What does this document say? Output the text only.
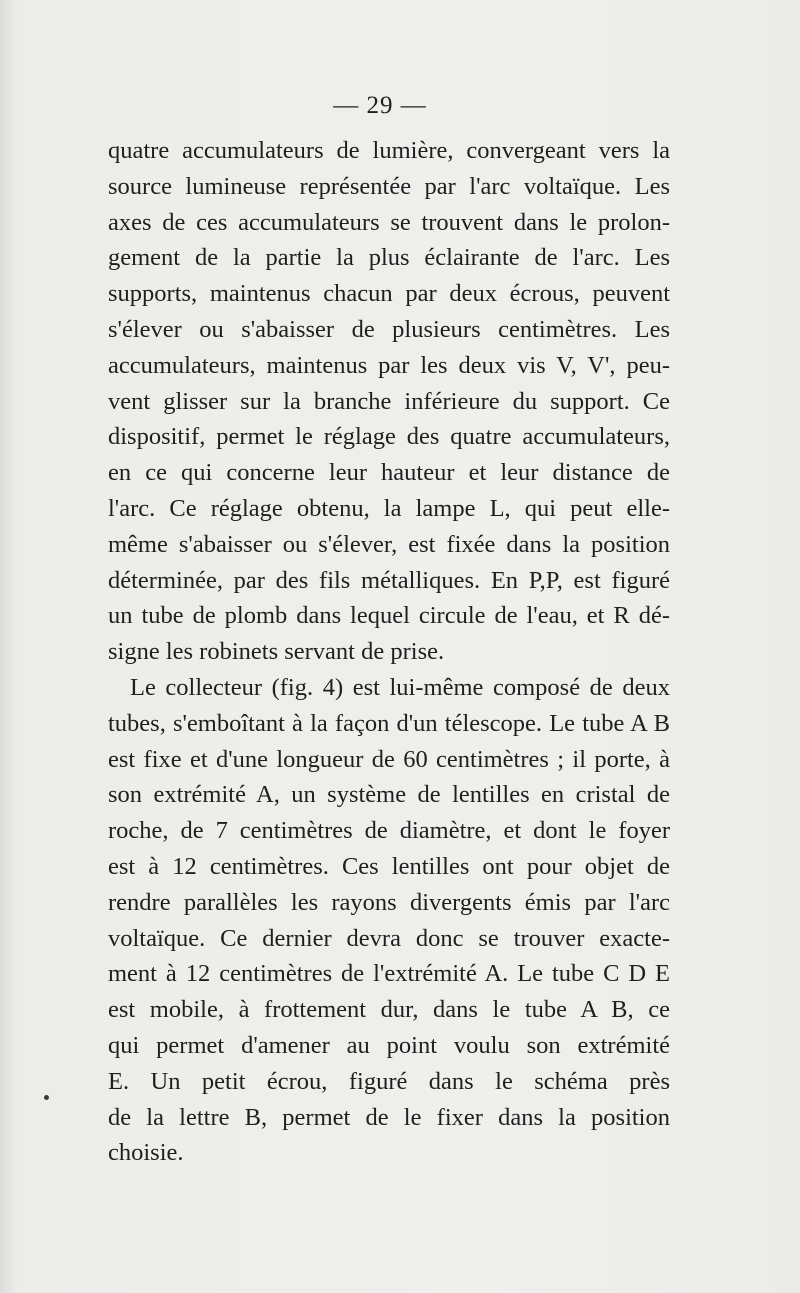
— 29 —

quatre accumulateurs de lumière, convergeant vers la
source lumineuse représentée par l'arc voltaïque. Les
axes de ces accumulateurs se trouvent dans le prolon-
gement de la partie la plus éclairante de l'arc. Les
supports, maintenus chacun par deux écrous, peuvent
s'élever ou s'abaisser de plusieurs centimètres. Les
accumulateurs, maintenus par les deux vis V, V', peu-
vent glisser sur la branche inférieure du support. Ce
dispositif, permet le réglage des quatre accumulateurs,
en ce qui concerne leur hauteur et leur distance de
l'arc. Ce réglage obtenu, la lampe L, qui peut elle-
même s'abaisser ou s'élever, est fixée dans la position
déterminée, par des fils métalliques. En P,P, est figuré
un tube de plomb dans lequel circule de l'eau, et R dé-
signe les robinets servant de prise.

Le collecteur (fig. 4) est lui-même composé de deux
tubes, s'emboîtant à la façon d'un télescope. Le tube A B
est fixe et d'une longueur de 60 centimètres ; il porte, à
son extrémité A, un système de lentilles en cristal de
roche, de 7 centimètres de diamètre, et dont le foyer
est à 12 centimètres. Ces lentilles ont pour objet de
rendre parallèles les rayons divergents émis par l'arc
voltaïque. Ce dernier devra donc se trouver exacte-
ment à 12 centimètres de l'extrémité A. Le tube C D E
est mobile, à frottement dur, dans le tube A B, ce
qui permet d'amener au point voulu son extrémité
E. Un petit écrou, figuré dans le schéma près
de la lettre B, permet de le fixer dans la position
choisie.
